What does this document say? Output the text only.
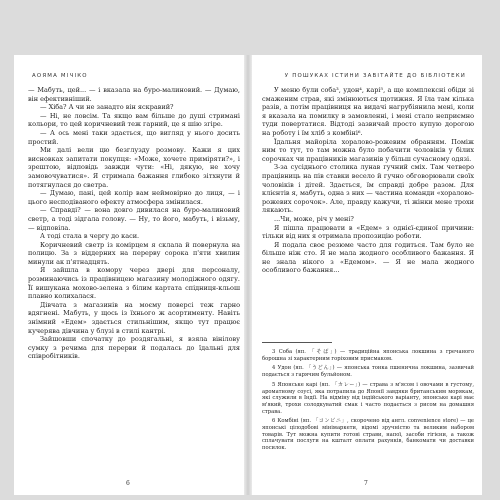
АОЯМА МІЧІКО

— Мабуть, цей... — і вказала на буро-малиновий. — Думаю, він ефективніший.

— Хіба? А чи не занадто він яскравий?

— Ні, не ловсім. Та якщо вам більше до душі стримані кольори, то цей коричневий теж гарний, це я шію згіре.

— А ось мені таки здається, що вигляд у нього досить простий.

Ми далі вели цю безглузду розмову. Кажи я цих висновках запитати покупця: «Може, хочете приміряти?», і зрештою, відповідь завжди чути: «Ні, дякую, не хочу замовочуватися». Я стримала бажання глибоко зітхнути й потягнулася до светра.

— Думаю, пані, цей колір вам неймовірно до лиця, — і цього несподіваного ефекту атмосфера змінилася.

— Справді? — вона довго дивилася на буро-малиновий светр, а тоді зідгала голову. — Ну, то його, мабуть, і візьму, — відповіла.

А тоді стала в чергу до каси.

Коричневий светр із комірцем я склала й повернула на полицю. За з віддерних на перерву сорока п'яти хвилин минули ак п'ятнадцять.

Я зайшла в комору через двері для персоналу, розминаючись із працівницею магазину молодіжного одягу. Її вишукана мохово-зелена з білим картата спідниця-кльош плавно колихалася.

Дівчата з магазинів на моєму поверсі теж гарно вдягнені. Мабуть, у щось із їхнього ж асортименту. Навіть знімний «Едем» здається стильнішим, якщо тут працює кучерява дівчина у блузі в стилі кантрі.

Зайшовши спочатку до роздягальні, я взяла вінілову сумку з речима для перерви й подалась до їдальні для співробітників.

6
У ПОШУКАХ ІСТИНИ ЗАВІТАЙТЕ ДО БІБЛІОТЕКИ

У меню були соба³, удон⁴, карі⁵, а ще комплексні обіди зі смаженим страв, які змінюються щотижня. Я їла там кілька разів, а потім працівниця на видачі нагрубіянила мені, коли я вказала на помилку в замовленні, і мені стало неприємно туди повертатися. Відтоді зазвичай просто купую дорогою на роботу і їм хліб з комбіні⁶.

Їдальня майоріла хоралово-рожевим обранням. Поміж ним то тут, то там можна було побачити чоловіків у білих сорочках чи працівників магазинів у більш сучасному одязі.

З-за сусіднього столика лунав гучний сміх. Там четверо працівниць на пів ставки весело й гучно обговорювали своїх чоловіків і дітей. Здається, їм справді добре разом. Для клієнтів я, мабуть, одна з них — частина команди «хоралово-рожевих сорочок». Але, правду кажучи, ті жінки мене трохи лякають.

...Чи, може, річ у мені?

Я пішла працювати в «Едем» з однієї-єдиної причини: тільки від них я отримала пропозицію роботи.

Я подала своє резюме часто для годиться. Там було не більше ніж сто. Я не мала жодного особливого бажання. Я не знала нікого з «Едемом». — Я не мала жодного особливого бажання...

3 Соба (яп. 「そば」) — традиційна японська локшина з гречаного борошна зі характерним горіховим присмаком.

4 Удон (яп. 「うどん」) — японська тонка пшенична локшина, зазвичай подається з гарячим бульйоном.

5 Японське карі (яп. 「カレー」) — страва з м'ясом і овочами в густому, ароматному соусі, яка потрапила до Японії завдяки британським морякам, які служили в Індії. На відміну від індійського варіанту, японське карі має м'який, трохи солодкуватий смак і часто подається з рисом на домашня страва.

6 Комбіні (яп. 「コンビニ」, скорочено від англ. convenience store) — це японські цілодобові мінімаркети, відомі зручністю та великим набором товарів. Тут можна купити готові страви, напої, засоби гігієни, а також сплачувати послуги на кшталт оплати рахунків, банкомати чи доставки посилок.

7
